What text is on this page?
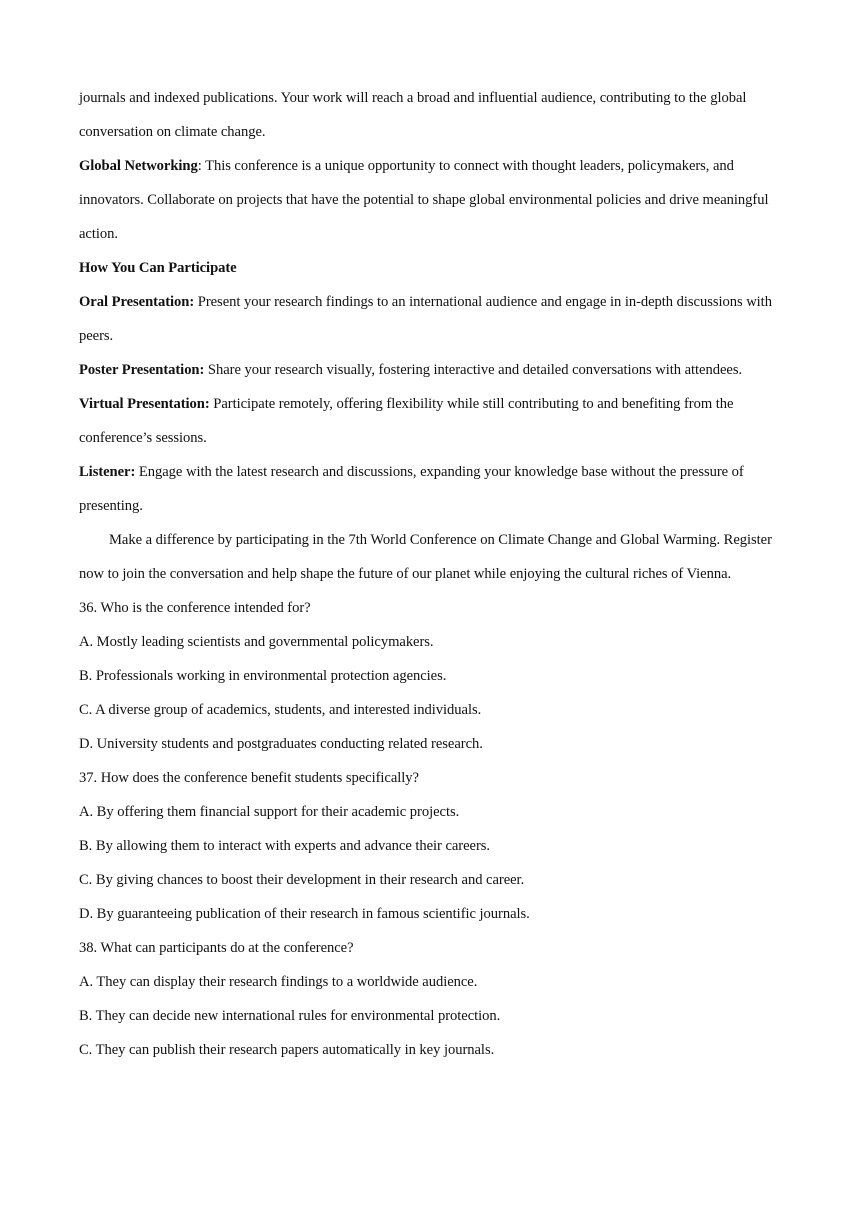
journals and indexed publications. Your work will reach a broad and influential audience, contributing to the global conversation on climate change.

Global Networking: This conference is a unique opportunity to connect with thought leaders, policymakers, and innovators. Collaborate on projects that have the potential to shape global environmental policies and drive meaningful action.

How You Can Participate

Oral Presentation: Present your research findings to an international audience and engage in in-depth discussions with peers.

Poster Presentation: Share your research visually, fostering interactive and detailed conversations with attendees.

Virtual Presentation: Participate remotely, offering flexibility while still contributing to and benefiting from the conference’s sessions.

Listener: Engage with the latest research and discussions, expanding your knowledge base without the pressure of presenting.

Make a difference by participating in the 7th World Conference on Climate Change and Global Warming. Register now to join the conversation and help shape the future of our planet while enjoying the cultural riches of Vienna.

36. Who is the conference intended for?

A. Mostly leading scientists and governmental policymakers.

B. Professionals working in environmental protection agencies.

C. A diverse group of academics, students, and interested individuals.

D. University students and postgraduates conducting related research.

37. How does the conference benefit students specifically?

A. By offering them financial support for their academic projects.

B. By allowing them to interact with experts and advance their careers.

C. By giving chances to boost their development in their research and career.

D. By guaranteeing publication of their research in famous scientific journals.

38. What can participants do at the conference?

A. They can display their research findings to a worldwide audience.

B. They can decide new international rules for environmental protection.

C. They can publish their research papers automatically in key journals.
